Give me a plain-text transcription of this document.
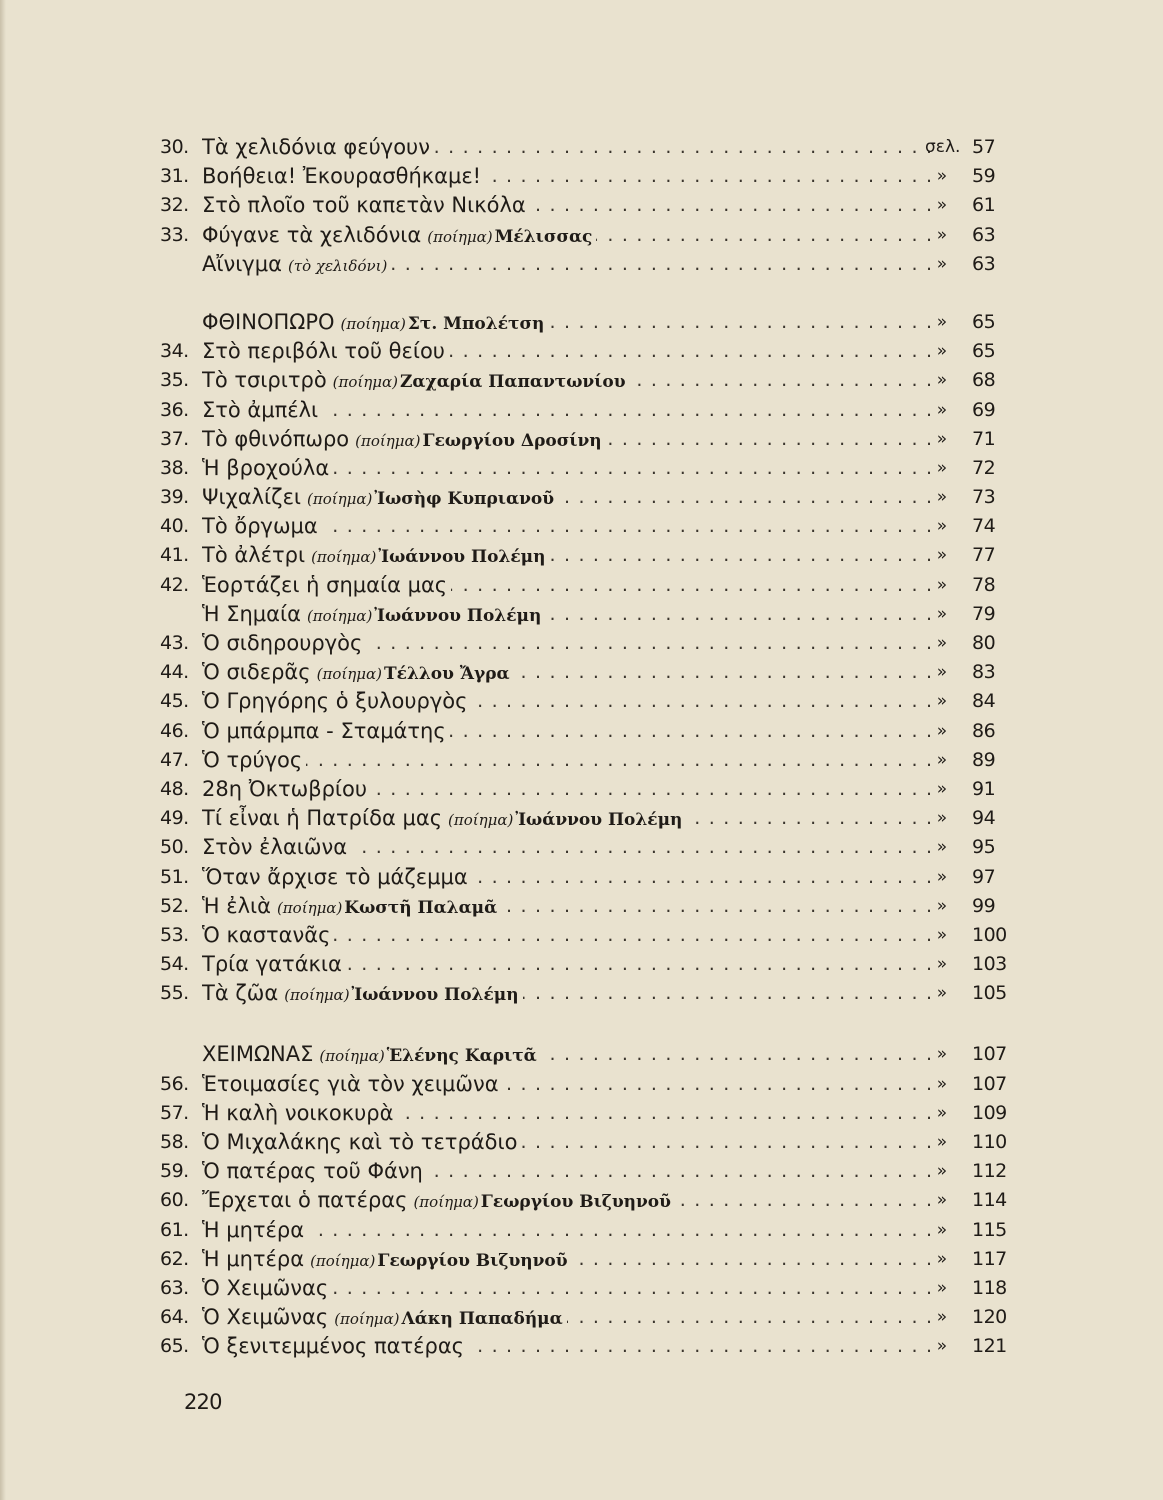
30. Τὰ χελιδόνια φεύγουν . . .	σελ. 57
31. Βοήθεια! Ἐκουρασθήκαμε! . . .	»	59
32. Στὸ πλοῖο τοῦ καπετὰν Νικόλα . . .	»	61
33. Φύγανε τὰ χελιδόνια (ποίημα) Μέλισσας . . .	»	63
Αἴνιγμα (τὸ χελιδόνι) . . .	»	63
ΦΘΙΝΟΠΩΡΟ (ποίημα) Στ. Μπολέτση . . .	»	65
34. Στὸ περιβόλι τοῦ θείου . . .	»	65
35. Τὸ τσιριτρὸ (ποίημα) Ζαχαρία Παπαντωνίου . . .	»	68
36. Στὸ ἀμπέλι . . .	»	69
37. Τὸ φθινόπωρο (ποίημα) Γεωργίου Δροσίνη . . .	»	71
38. Ἡ βροχούλα . . .	»	72
39. Ψιχαλίζει (ποίημα) Ἰωσὴφ Κυπριανοῦ . . .	»	73
40. Τὸ ὄργωμα . . .	»	74
41. Τὸ ἀλέτρι (ποίημα) Ἰωάννου Πολέμη . . .	»	77
42. Ἑορτάζει ἡ σημαία μας . . .	»	78
Ἡ Σημαία (ποίημα) Ἰωάννου Πολέμη . . .	»	79
43. Ὁ σιδηρουργὸς . . .	»	80
44. Ὁ σιδερᾶς (ποίημα) Τέλλου Ἄγρα . . .	»	83
45. Ὁ Γρηγόρης ὁ ξυλουργὸς . . .	»	84
46. Ὁ μπάρμπα - Σταμάτης . . .	»	86
47. Ὁ τρύγος . . .	»	89
48. 28η Ὀκτωβρίου . . .	»	91
49. Τί εἶναι ἡ Πατρίδα μας (ποίημα) Ἰωάννου Πολέμη . . .	»	94
50. Στὸν ἐλαιῶνα . . .	»	95
51. Ὅταν ἄρχισε τὸ μάζεμμα . . .	»	97
52. Ἡ ἐλιὰ (ποίημα) Κωστῆ Παλαμᾶ . . .	»	99
53. Ὁ καστανᾶς . . .	»	100
54. Τρία γατάκια . . .	»	103
55. Τὰ ζῶα (ποίημα) Ἰωάννου Πολέμη . . .	»	105
ΧΕΙΜΩΝΑΣ (ποίημα) Ἑλένης Καριτᾶ . . .	»	107
56. Ἑτοιμασίες γιὰ τὸν χειμῶνα . . .	»	107
57. Ἡ καλὴ νοικοκυρὰ . . .	»	109
58. Ὁ Μιχαλάκης καὶ τὸ τετράδιο . . .	»	110
59. Ὁ πατέρας τοῦ Φάνη . . .	»	112
60. Ἔρχεται ὁ πατέρας (ποίημα) Γεωργίου Βιζυηνοῦ . . .	»	114
61. Ἡ μητέρα . . .	»	115
62. Ἡ μητέρα (ποίημα) Γεωργίου Βιζυηνοῦ . . .	»	117
63. Ὁ Χειμῶνας . . .	»	118
64. Ὁ Χειμῶνας (ποίημα) Λάκη Παπαδήμα . . .	»	120
65. Ὁ ξενιτεμμένος πατέρας . . .	»	121
220
